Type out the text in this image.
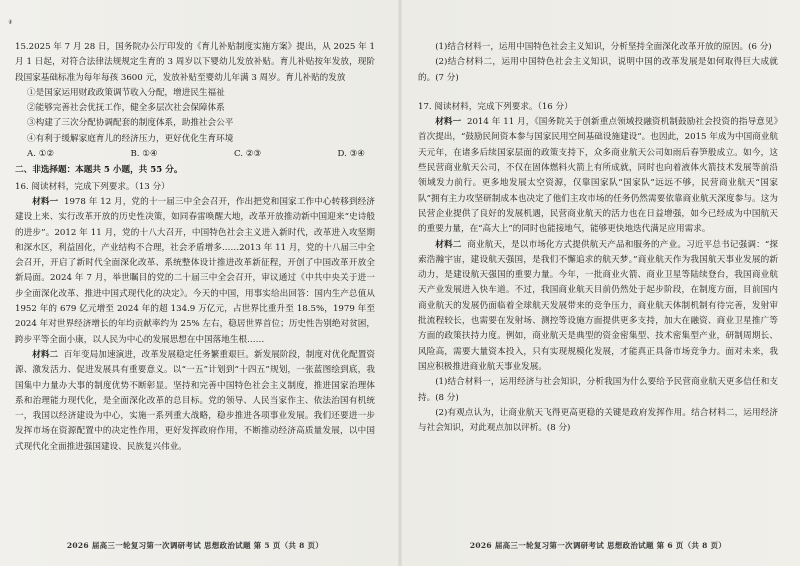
𝓇

15.2025 年 7 月 28 日，国务院办公厅印发的《育儿补贴制度实施方案》提出，从 2025 年 1 月 1 日起，对符合法律法规规定生育的 3 周岁以下婴幼儿发放补贴。育儿补贴按年发放，现阶段国家基础标准为每年每孩 3600 元，发放补贴至婴幼儿年满 3 周岁。育儿补贴的发放

①是国家运用财政政策调节收入分配，增进民生福祉

②能够完善社会优抚工作，健全多层次社会保障体系

③构建了三次分配协调配套的制度体系，助推社会公平

④有利于缓解家庭育儿的经济压力，更好优化生育环境

A. ①②	B. ①④	C. ②③	D. ③④

二、非选择题：本题共 5 小题，共 55 分。

16. 阅读材料，完成下列要求。（13 分）

材料一 1978 年 12 月，党的十一届三中全会召开，作出把党和国家工作中心转移到经济建设上来、实行改革开放的历史性决策，如同春雷唤醒大地，改革开放推动新中国迎来“史诗般的进步”。2012 年 11 月，党的十八大召开，中国特色社会主义进入新时代，改革进入攻坚期和深水区，利益固化，产业结构不合理，社会矛盾增多……2013 年 11 月，党的十八届三中全会召开，开启了新时代全面深化改革、系统整体设计推进改革新征程，开创了中国改革开放全新局面。2024 年 7 月，举世瞩目的党的二十届三中全会召开，审议通过《中共中央关于进一步全面深化改革、推进中国式现代化的决定》。今天的中国，用事实给出回答：国内生产总值从 1952 年的 679 亿元增至 2024 年的超 134.9 万亿元，占世界比重升至 18.5%，1979 年至 2024 年对世界经济增长的年均贡献率约为 25% 左右，稳居世界首位；历史性告别绝对贫困，跨步平等全面小康，以人民为中心的发展思想在中国落地生根……

材料二 百年变局加速演进，改革发展稳定任务繁重艰巨。新发展阶段，制度对优化配置资源、激发活力、促进发展具有重要意义。以“一五”计划到“十四五”规划，一张蓝图绘到底，我国集中力量办大事的制度优势不断彰显。坚持和完善中国特色社会主义制度，推进国家治理体系和治理能力现代化，是全面深化改革的总目标。党的领导、人民当家作主、依法治国有机统一，我国以经济建设为中心，实施一系列重大战略，稳步推进各项事业发展。我们还要进一步发挥市场在资源配置中的决定性作用，更好发挥政府作用，不断推动经济高质量发展，以中国式现代化全面推进强国建设、民族复兴伟业。

(1)结合材料一，运用中国特色社会主义知识，分析坚持全面深化改革开放的原因。(6 分)

(2)结合材料二，运用中国特色社会主义知识，说明中国的改革发展是如何取得巨大成就的。(7 分)

17. 阅读材料，完成下列要求。（16 分）

材料一 2014 年 11 月，《国务院关于创新重点领域投融资机制鼓励社会投资的指导意见》首次提出，“鼓励民间资本参与国家民用空间基础设施建设”。也因此，2015 年成为中国商业航天元年，在诸多后续国家层面的政策支持下，众多商业航天公司如雨后春笋般成立。如今，这些民营商业航天公司，不仅在固体燃料火箭上有所成就，同时也向着液体火箭技术发展等前沿领域发力前行。更多地发展太空资源，仅靠国家队“国家队”远远不够，民营商业航天“国家队”拥有主力攻坚研制成本也决定了他们主攻市场的任务仍然需要依靠商业航天深度参与。这为民营企业提供了良好的发展机遇，民营商业航天的活力也在日益增强，如今已经成为中国航天的重要力量，在“高大上”的同时也能接地气，能够更快地迭代满足应用需求。

材料二 商业航天，是以市场化方式提供航天产品和服务的产业。习近平总书记强调：“探索浩瀚宇宙，建设航天强国，是我们不懈追求的航天梦。”商业航天作为我国航天事业发展的新动力，是建设航天强国的重要力量。今年，一批商业火箭、商业卫星等陆续登台，我国商业航天产业发展进入快车道。不过，我国商业航天目前仍然处于起步阶段，在制度方面，目前国内商业航天的发展仍面临着全球航天发展带来的竞争压力，商业航天体制机制有待完善，发射审批流程较长，也需要在发射场、测控等设施方面提供更多支持，加大在融资、商业卫星推广等方面的政策扶持力度。例如，商业航天是典型的资金密集型、技术密集型产业，研制周期长、风险高，需要大量资本投入，只有实现规模化发展，才能真正具备市场竞争力。面对未来，我国应积极推进商业航天事业发展。

(1)结合材料一，运用经济与社会知识，分析我国为什么要给予民营商业航天更多信任和支持。(8 分)

(2)有观点认为，让商业航天飞得更高更稳的关键是政府发挥作用。结合材料二，运用经济与社会知识，对此观点加以评析。(8 分)

2026 届高三一轮复习第一次调研考试 思想政治试题 第 5 页（共 8 页）	2026 届高三一轮复习第一次调研考试 思想政治试题 第 6 页（共 8 页）
